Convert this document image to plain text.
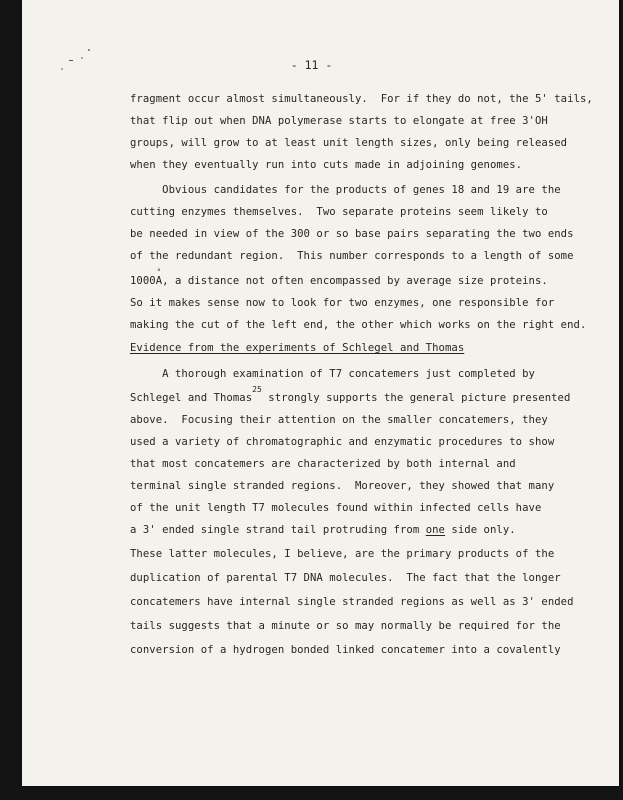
- 11 -
fragment occur almost simultaneously.  For if they do not, the 5' tails,
that flip out when DNA polymerase starts to elongate at free 3'OH
groups, will grow to at least unit length sizes, only being released
when they eventually run into cuts made in adjoining genomes.
Obvious candidates for the products of genes 18 and 19 are the
cutting enzymes themselves.  Two separate proteins seem likely to
be needed in view of the 300 or so base pairs separating the two ends
of the redundant region.  This number corresponds to a length of some
1000
°
A, a distance not often encompassed by average size proteins.
So it makes sense now to look for two enzymes, one responsible for
making the cut of the left end, the other which works on the right end.
Evidence from the experiments of Schlegel and Thomas
A thorough examination of T7 concatemers just completed by
Schlegel and Thomas$^{25}$ strongly supports the general picture presented
above.  Focusing their attention on the smaller concatemers, they
used a variety of chromatographic and enzymatic procedures to show
that most concatemers are characterized by both internal and
terminal single stranded regions.  Moreover, they showed that many
of the unit length T7 molecules found within infected cells have
a 3' ended single strand tail protruding from one side only.
These latter molecules, I believe, are the primary products of the
duplication of parental T7 DNA molecules.  The fact that the longer
concatemers have internal single stranded regions as well as 3' ended
tails suggests that a minute or so may normally be required for the
conversion of a hydrogen bonded linked concatemer into a covalently
